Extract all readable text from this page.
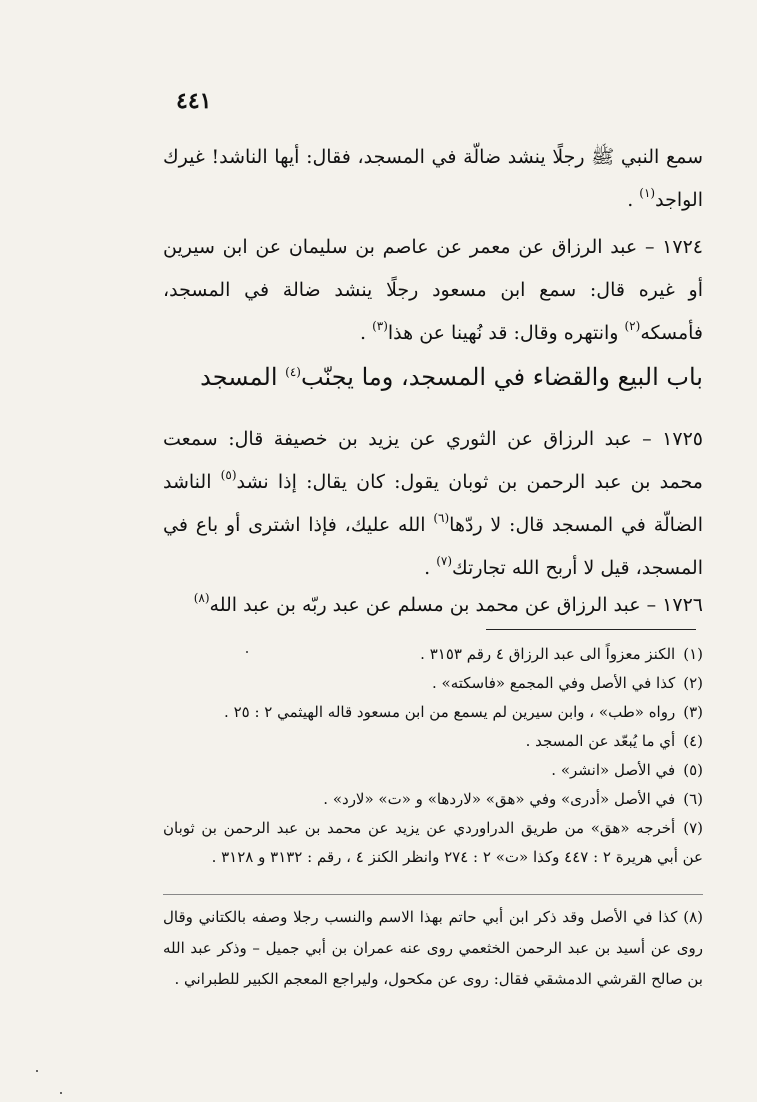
٤٤١

سمع النبي ﷺ رجلًا ينشد ضالّة في المسجد، فقال: أيها الناشد! غيرك الواجد$^{(١)}$ .

١٧٢٤ – عبد الرزاق عن معمر عن عاصم بن سليمان عن ابن سيرين أو غيره قال: سمع ابن مسعود رجلًا ينشد ضالة في المسجد، فأمسكه$^{(٢)}$ وانتهره وقال: قد نُهينا عن هذا$^{(٣)}$ .

باب البيع والقضاء في المسجد، وما يجنّب$^{(٤)}$ المسجد

١٧٢٥ – عبد الرزاق عن الثوري عن يزيد بن خصيفة قال: سمعت محمد بن عبد الرحمن بن ثوبان يقول: كان يقال: إذا نشد$^{(٥)}$ الناشد الضالّة في المسجد قال: لا ردّها$^{(٦)}$ الله عليك، فإذا اشترى أو باع في المسجد، قيل لا أربح الله تجارتك$^{(٧)}$ .

١٧٢٦ – عبد الرزاق عن محمد بن مسلم عن عبد ربّه بن عبد الله$^{(٨)}$

(١)الكنز معزواً الى عبد الرزاق ٤ رقم ٣١٥٣ .

(٢)كذا في الأصل وفي المجمع «فاسكته» .

(٣)رواه «طب» ، وابن سيرين لم يسمع من ابن مسعود قاله الهيثمي ٢ : ٢٥ .

(٤)أي ما يُبعّد عن المسجد .

(٥)في الأصل «انشر» .

(٦)في الأصل «أدرى» وفي «هق» «لاردها» و «ت» «لارد» .

(٧)أخرجه «هق» من طريق الدراوردي عن يزيد عن محمد بن عبد الرحمن بن ثوبان عن أبي هريرة ٢ : ٤٤٧ وكذا «ت» ٢ : ٢٧٤ وانظر الكنز ٤ ، رقم : ٣١٣٢ و ٣١٢٨ .

(٨) كذا في الأصل وقد ذكر ابن أبي حاتم بهذا الاسم والنسب رجلا وصفه بالكتاني وقال روى عن أسيد بن عبد الرحمن الخثعمي روى عنه عمران بن أبي جميل – وذكر عبد الله بن صالح القرشي الدمشقي فقال: روى عن مكحول، وليراجع المعجم الكبير للطبراني .
